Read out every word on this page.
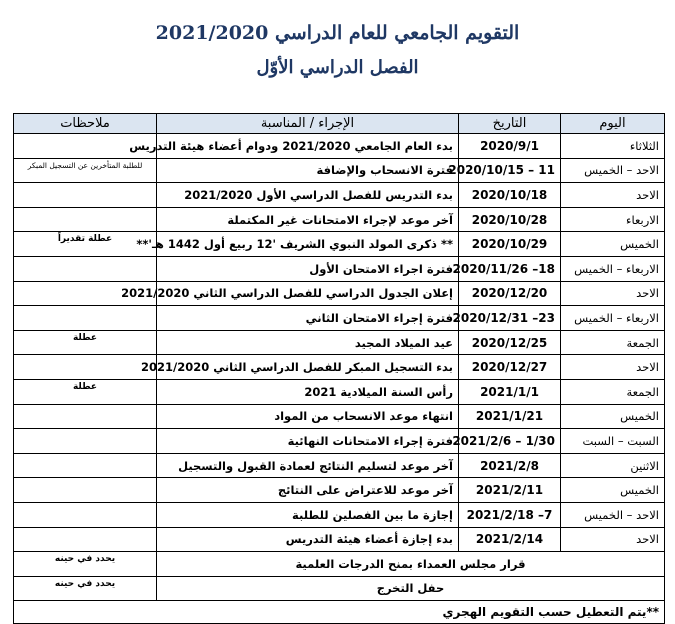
التقويم الجامعي للعام الدراسي 2021/2020
الفصل الدراسي الأوّل
اليوم	التاريخ	الإجراء / المناسبة	ملاحظات
الثلاثاء	2020/9/1	بدء العام الجامعي 2021/2020 ودوام أعضاء هيئة التدريس	
الاحد – الخميس	11 – 2020/10/15	فترة الانسحاب والإضافة	للطلبة المتأخرين عن التسجيل المبكر
الاحد	2020/10/18	بدء التدريس للفصل الدراسي الأول 2021/2020	
الاربعاء	2020/10/28	آخر موعد لإجراء الامتحانات غير المكتملة	
الخميس	2020/10/29	** ذكرى المولد النبوي الشريف '12 ربيع أول 1442 هـ'**	عطلة تقديراً
الاربعاء – الخميس	18– 2020/11/26	فترة اجراء الامتحان الأول	
الاحد	2020/12/20	إعلان الجدول الدراسي للفصل الدراسي الثاني 2021/2020	
الاربعاء – الخميس	23– 2020/12/31	فترة إجراء الامتحان الثاني	
الجمعة	2020/12/25	عيد الميلاد المجيد	عطلة
الاحد	2020/12/27	بدء التسجيل المبكر للفصل الدراسي الثاني 2021/2020	
الجمعة	2021/1/1	رأس السنة الميلادية 2021	عطلة
الخميس	2021/1/21	انتهاء موعد الانسحاب من المواد	
السبت – السبت	1/30 – 2021/2/6	فترة إجراء الامتحانات النهائية	
الاثنين	2021/2/8	آخر موعد لتسليم النتائج لعمادة القبول والتسجيل	
الخميس	2021/2/11	آخر موعد للاعتراض على النتائج	
الاحد – الخميس	7– 2021/2/18	إجازة ما بين الفصلين للطلبة	
الاحد	2021/2/14	بدء إجازة أعضاء هيئة التدريس	
قرار مجلس العمداء بمنح الدرجات العلمية			يحدد في حينه
حفل التخرج			يحدد في حينه
**يتم التعطيل حسب التقويم الهجري			
